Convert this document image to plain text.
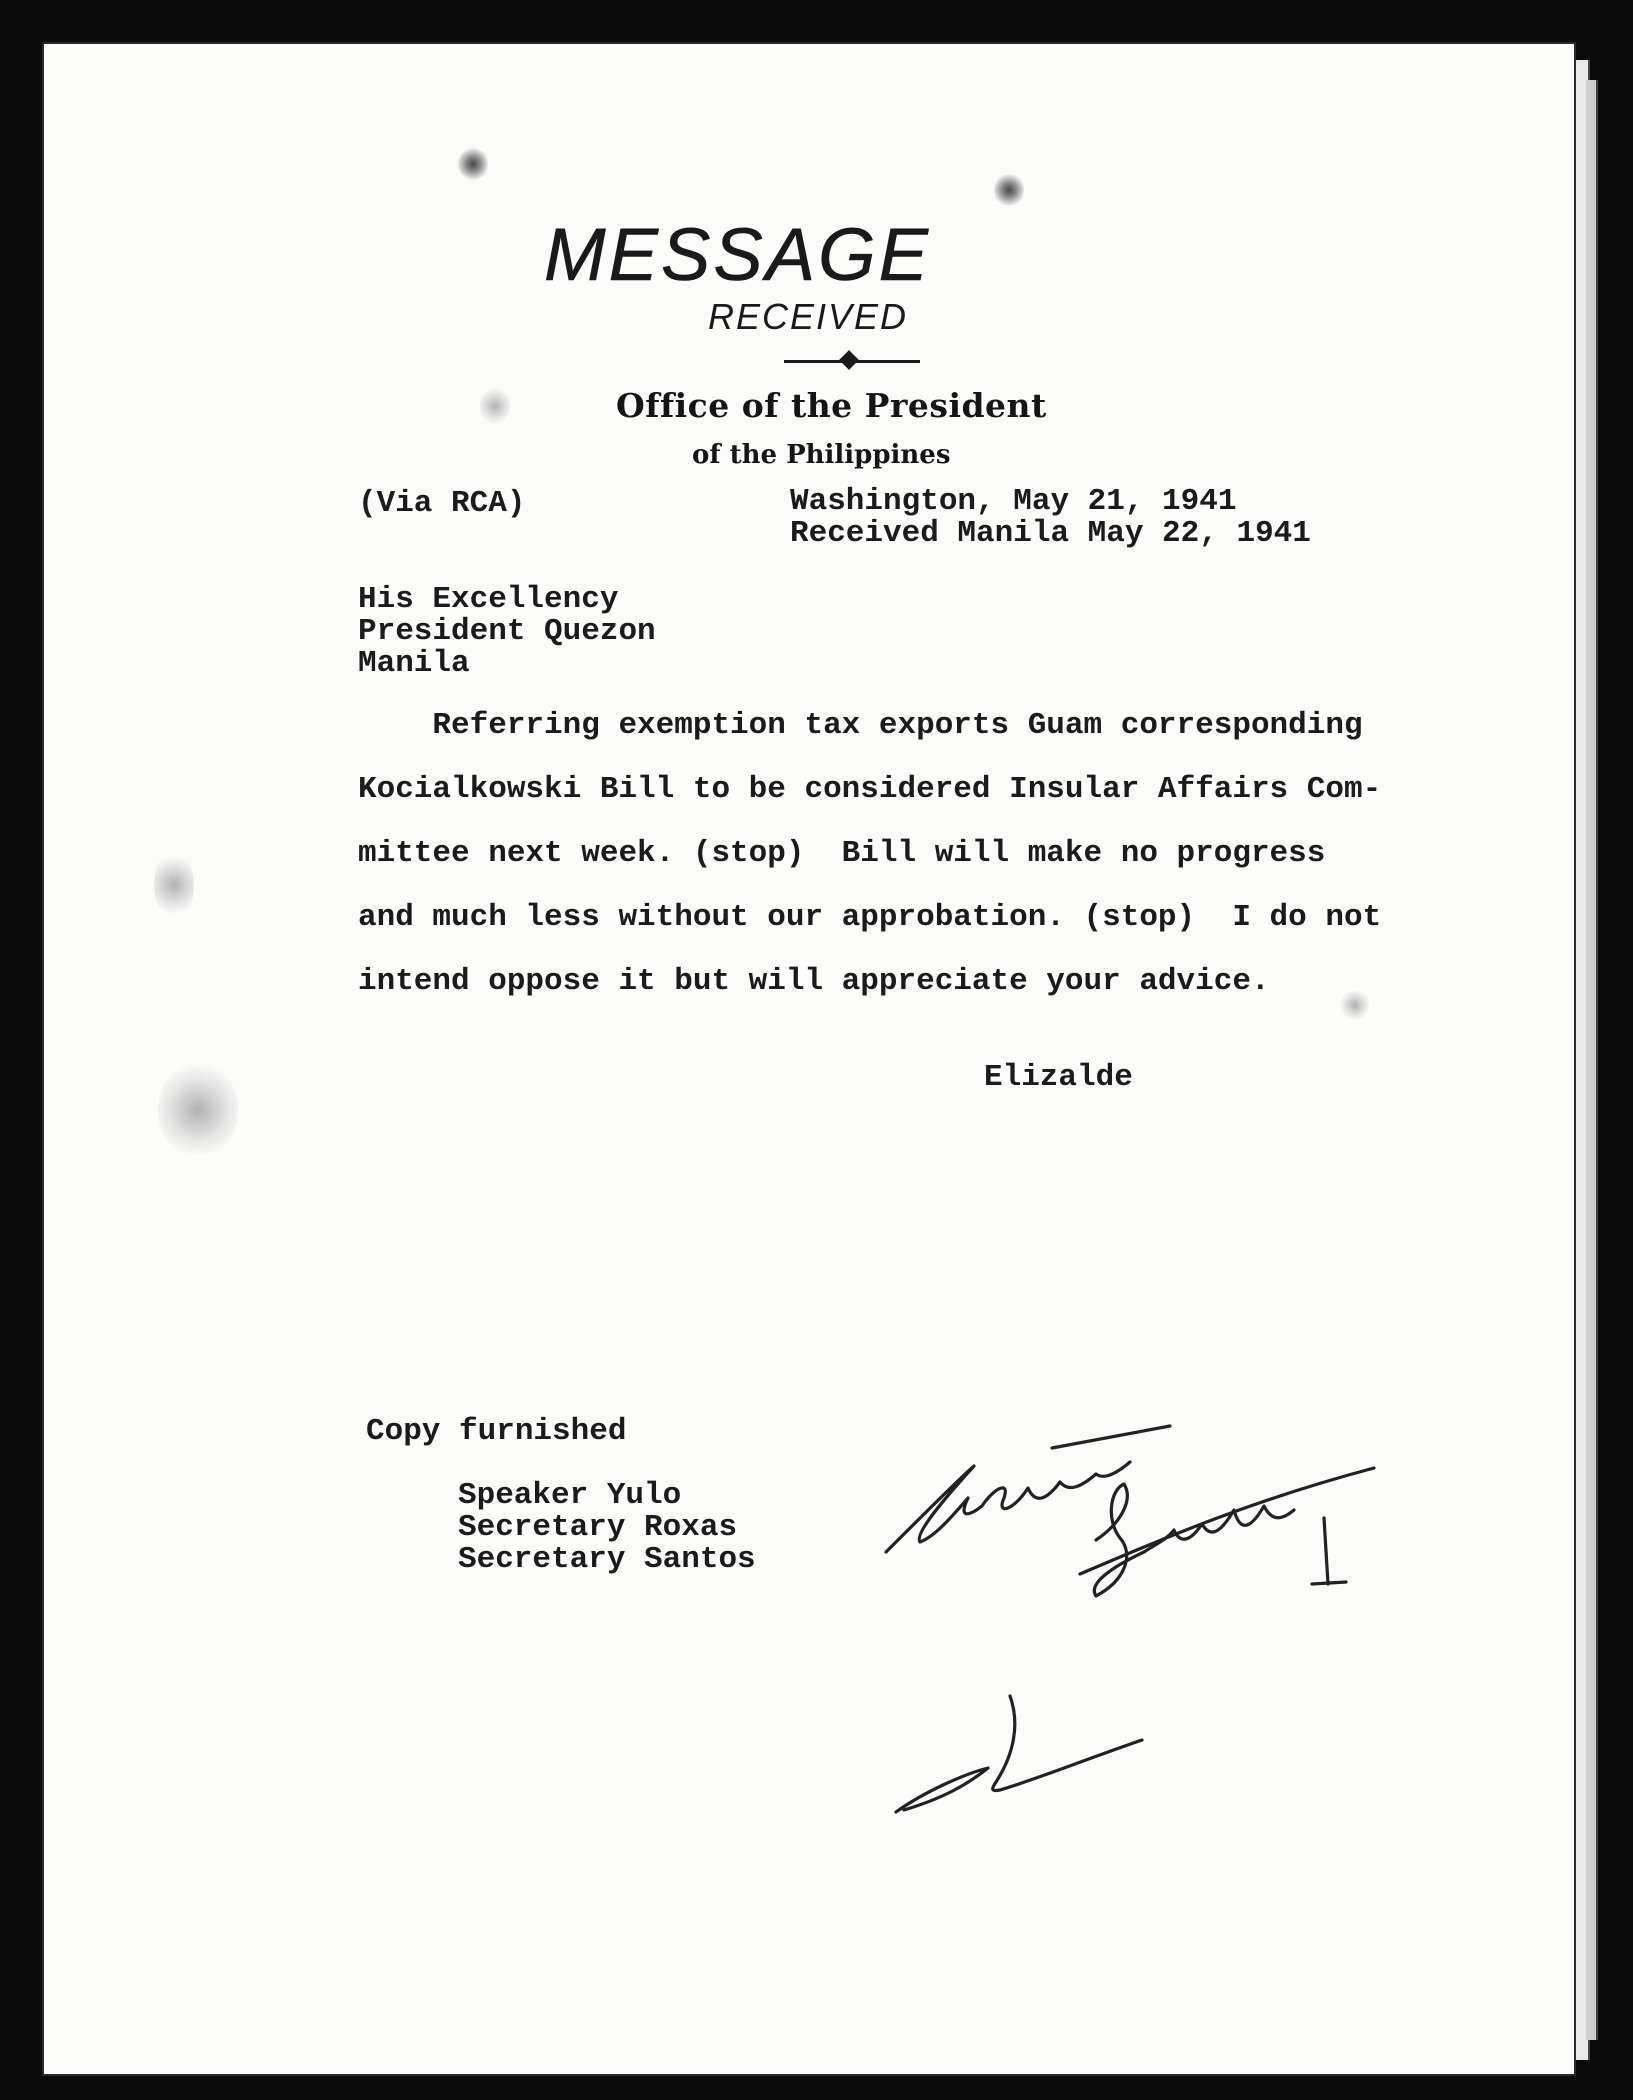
MESSAGE
RECEIVED
Office of the President
of the Philippines
(Via RCA)	Washington, May 21, 1941
Received Manila May 22, 1941
His Excellency
President Quezon
Manila

Referring exemption tax exports Guam corresponding
Kocialkowski Bill to be considered Insular Affairs Com-
mittee next week. (stop)  Bill will make no progress
and much less without our approbation. (stop)  I do not
intend oppose it but will appreciate your advice.
Elizalde
Copy furnished
Speaker Yulo
Secretary Roxas
Secretary Santos
